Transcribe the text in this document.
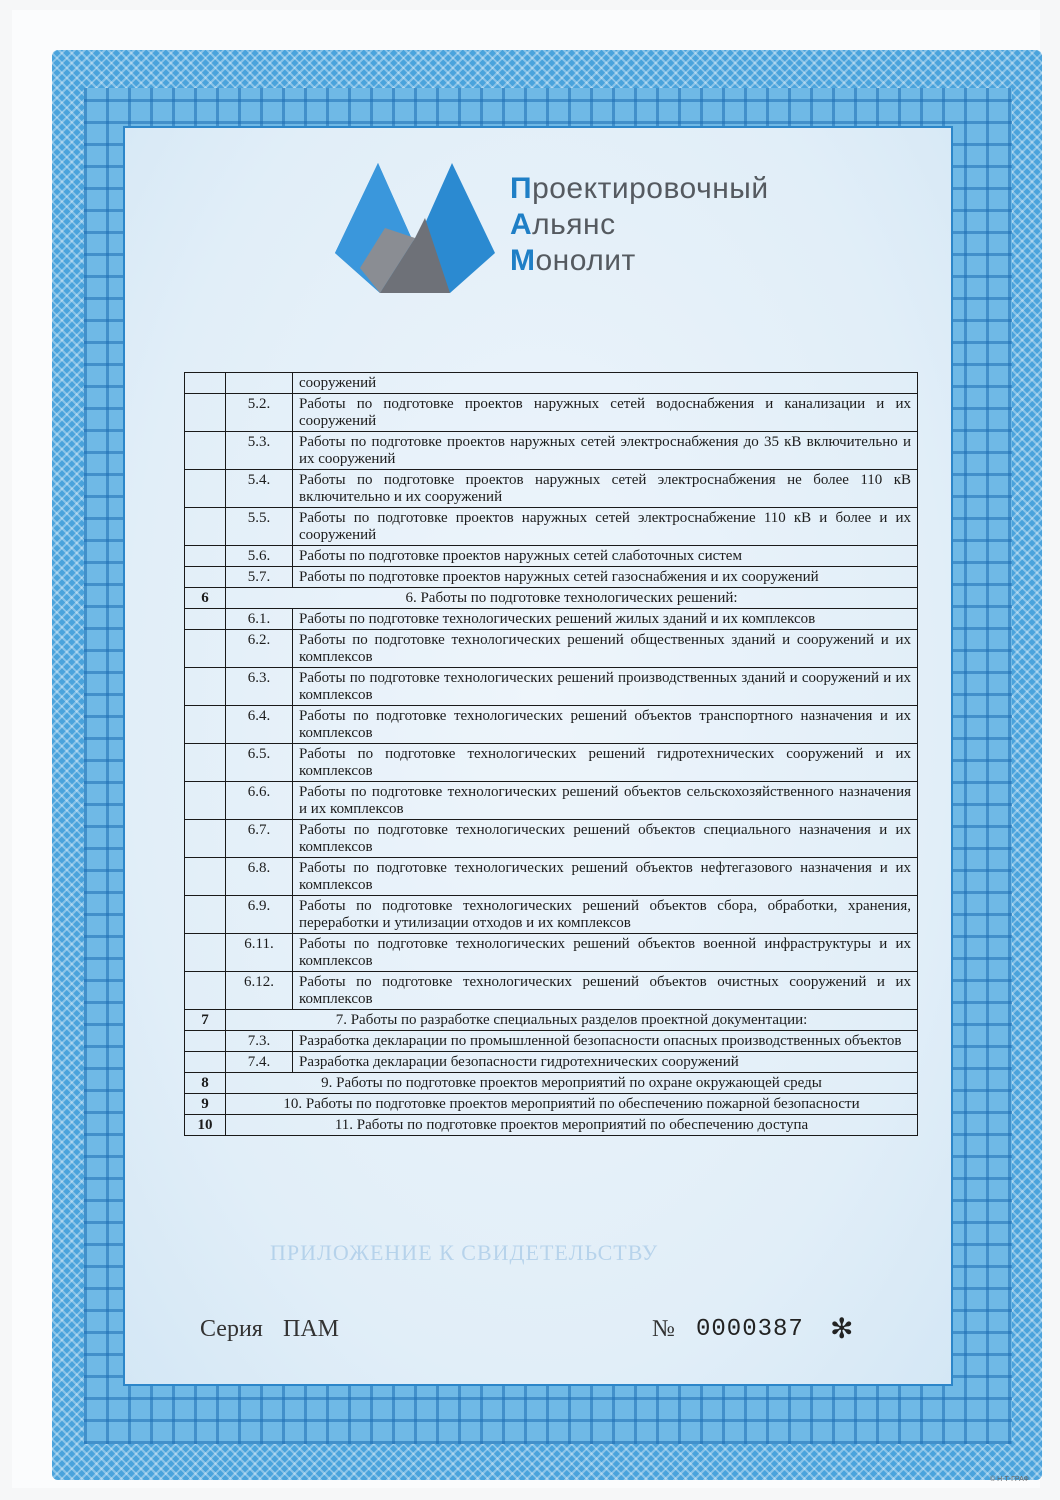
Проектировочный
Альянс
Монолит
		сооружений
	5.2.	Работы по подготовке проектов наружных сетей водоснабжения и канализации и их сооружений
	5.3.	Работы по подготовке проектов наружных сетей электроснабжения до 35 кВ включительно и их сооружений
	5.4.	Работы по подготовке проектов наружных сетей электроснабжения не более 110 кВ включительно и их сооружений
	5.5.	Работы по подготовке проектов наружных сетей электроснабжение 110 кВ и более и их сооружений
	5.6.	Работы по подготовке проектов наружных сетей слаботочных систем
	5.7.	Работы по подготовке проектов наружных сетей газоснабжения и их сооружений
6	6. Работы по подготовке технологических решений:	
	6.1.	Работы по подготовке технологических решений жилых зданий и их комплексов
	6.2.	Работы по подготовке технологических решений общественных зданий и сооружений и их комплексов
	6.3.	Работы по подготовке технологических решений производственных зданий и сооружений и их комплексов
	6.4.	Работы по подготовке технологических решений объектов транспортного назначения и их комплексов
	6.5.	Работы по подготовке технологических решений гидротехнических сооружений и их комплексов
	6.6.	Работы по подготовке технологических решений объектов сельскохозяйственного назначения и их комплексов
	6.7.	Работы по подготовке технологических решений объектов специального назначения и их комплексов
	6.8.	Работы по подготовке технологических решений объектов нефтегазового назначения и их комплексов
	6.9.	Работы по подготовке технологических решений объектов сбора, обработки, хранения, переработки и утилизации отходов и их комплексов
	6.11.	Работы по подготовке технологических решений объектов военной инфраструктуры и их комплексов
	6.12.	Работы по подготовке технологических решений объектов очистных сооружений и их комплексов
7	7. Работы по разработке специальных разделов проектной документации:	
	7.3.	Разработка декларации по промышленной безопасности опасных производственных объектов
	7.4.	Разработка декларации безопасности гидротехнических сооружений
8	9. Работы по подготовке проектов мероприятий по охране окружающей среды	
9	10. Работы по подготовке проектов мероприятий по обеспечению пожарной безопасности	
10	11. Работы по подготовке проектов мероприятий по обеспечению доступа	
ПРИЛОЖЕНИЕ К СВИДЕТЕЛЬСТВУ
Серия ПАМ	№ 0000387 ✻
© Н-Т-ГРАФ
